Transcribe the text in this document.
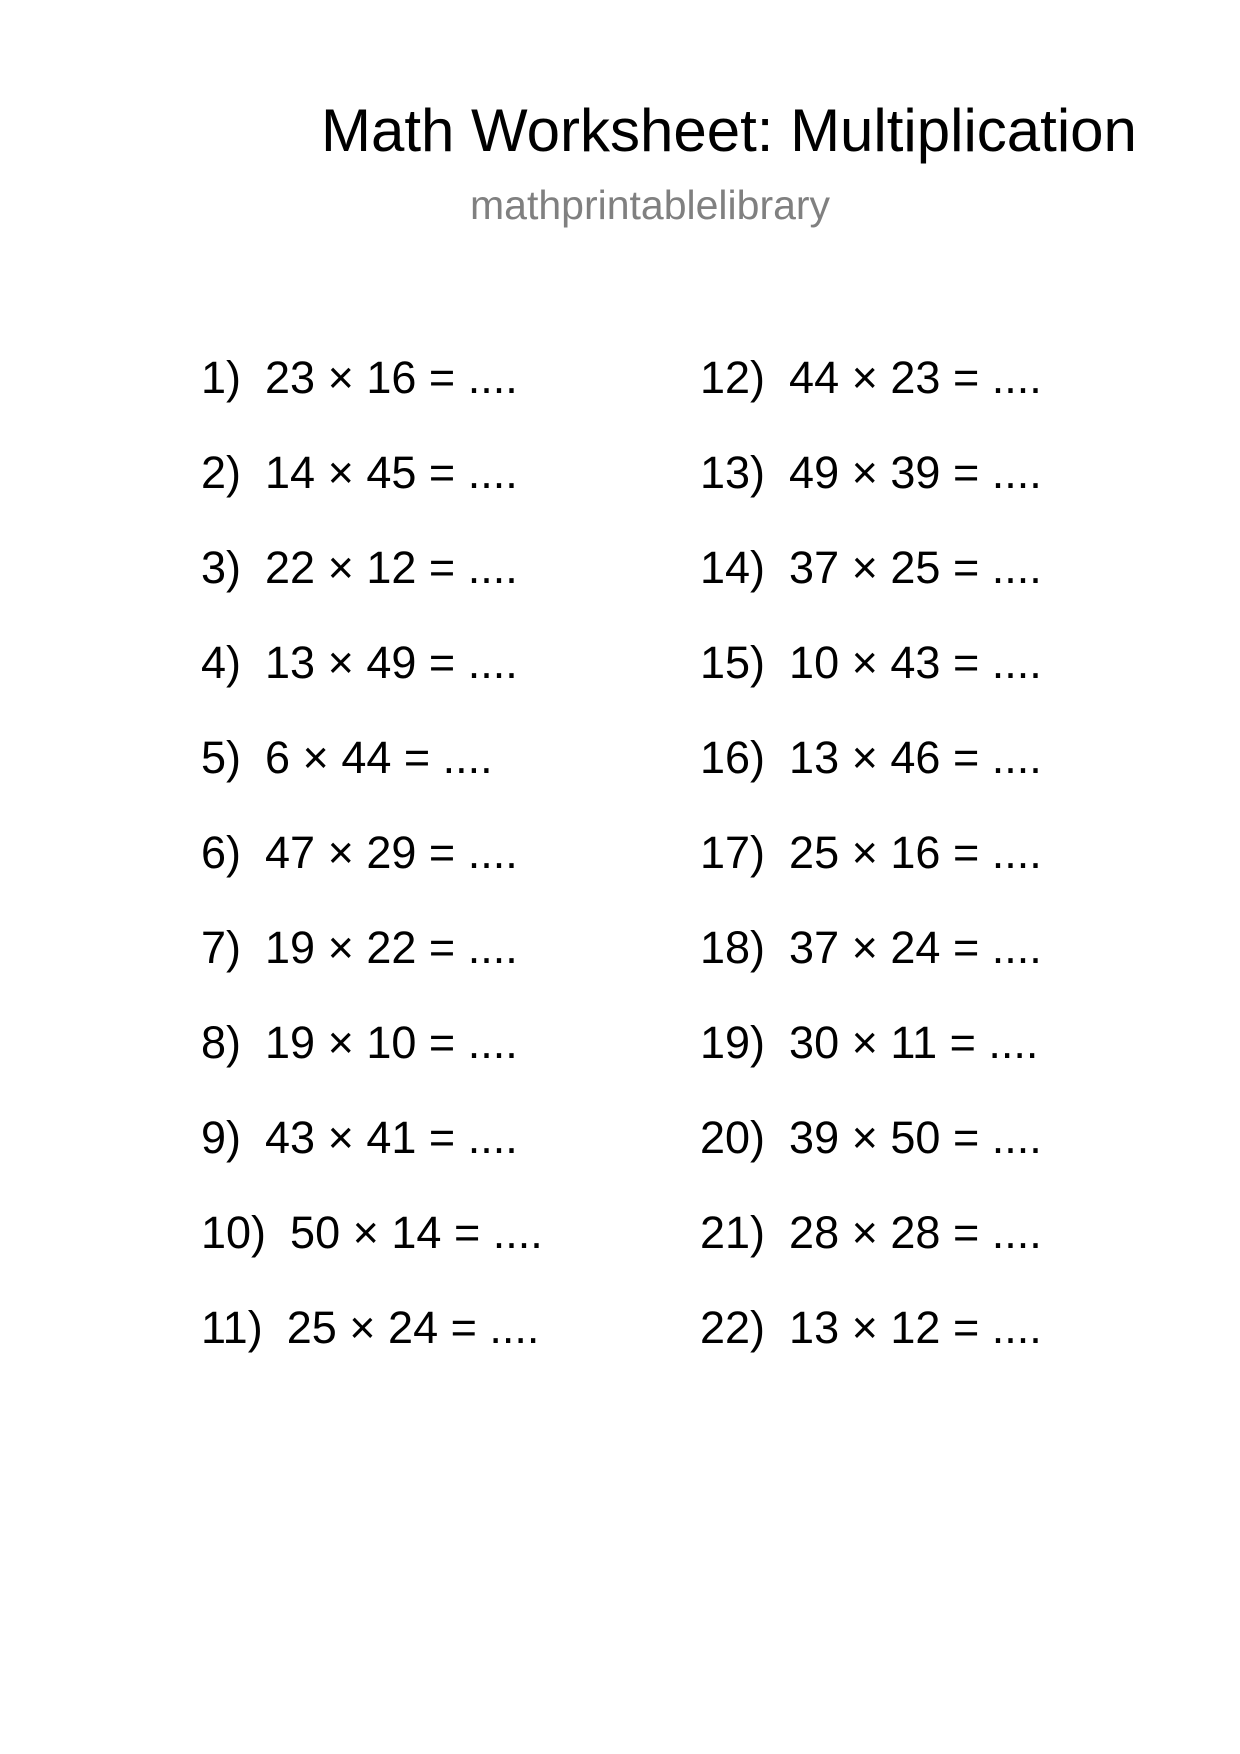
Math Worksheet: Multiplication
mathprintablelibrary
1) 23 × 16 = ....
2) 14 × 45 = ....
3) 22 × 12 = ....
4) 13 × 49 = ....
5) 6 × 44 = ....
6) 47 × 29 = ....
7) 19 × 22 = ....
8) 19 × 10 = ....
9) 43 × 41 = ....
10) 50 × 14 = ....
11) 25 × 24 = ....
12) 44 × 23 = ....
13) 49 × 39 = ....
14) 37 × 25 = ....
15) 10 × 43 = ....
16) 13 × 46 = ....
17) 25 × 16 = ....
18) 37 × 24 = ....
19) 30 × 11 = ....
20) 39 × 50 = ....
21) 28 × 28 = ....
22) 13 × 12 = ....
